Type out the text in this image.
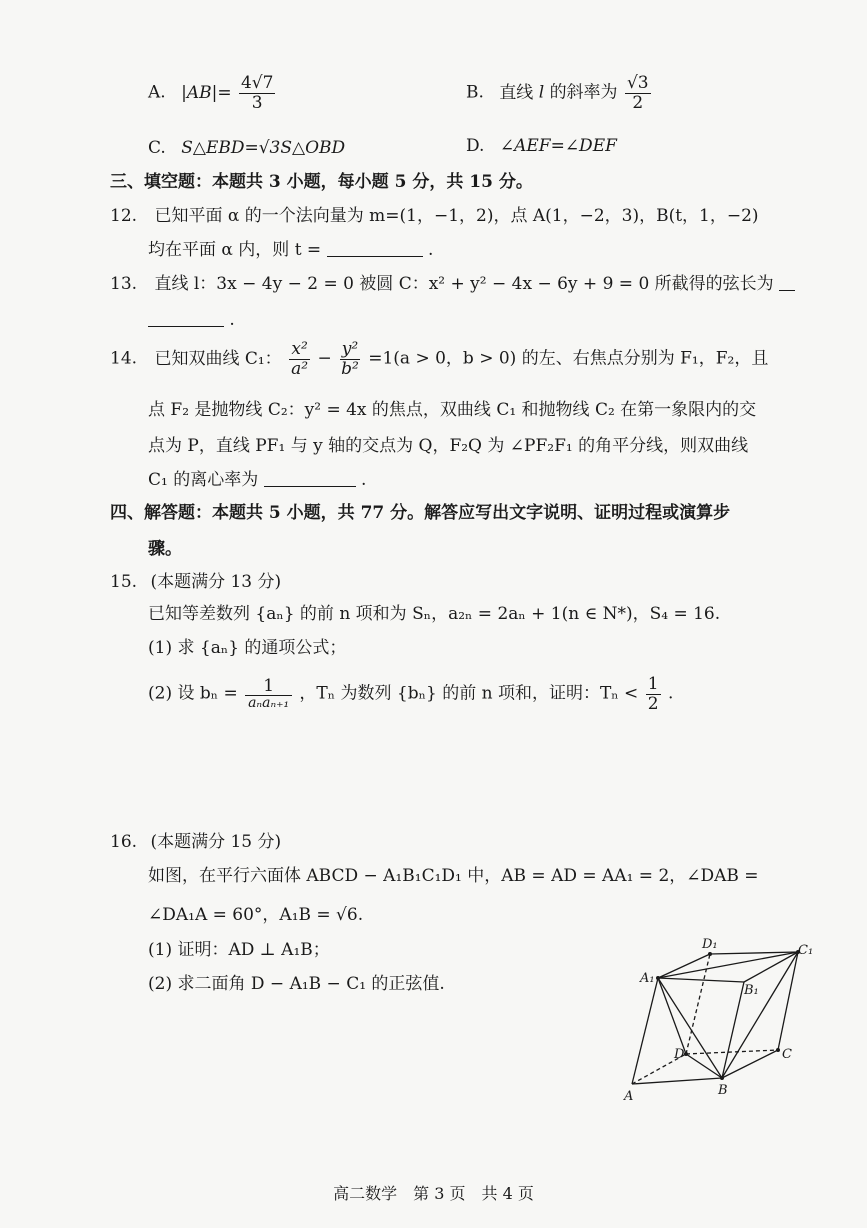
A. $|AB|= \frac{4√7}{3}$	B. 直线 l 的斜率为 $\frac{√3}{2}$
C. S△EBD=√3S△OBD	D. ∠AEF=∠DEF
三、填空题：本题共 3 小题，每小题 5 分，共 15 分。
12. 已知平面 α 的一个法向量为 m=(1，−1，2)，点 A(1，−2，3)，B(t，1，−2)
均在平面 α 内，则 t =	.
13. 直线 l：3x − 4y − 2 = 0 被圆 C：x² + y² − 4x − 6y + 9 = 0 所截得的弦长为
.
14. 已知双曲线 C₁： $\frac{\text{x²}}{\text{a²}} - \frac{\text{y²}}{\text{b²}} =1(a > 0$，b > 0) 的左、右焦点分别为 F₁，F₂，且
点 F₂ 是抛物线 C₂：y² = 4x 的焦点，双曲线 C₁ 和抛物线 C₂ 在第一象限内的交
点为 P，直线 PF₁ 与 y 轴的交点为 Q，F₂Q 为 ∠PF₂F₁ 的角平分线，则双曲线
C₁ 的离心率为	.
四、解答题：本题共 5 小题，共 77 分。解答应写出文字说明、证明过程或演算步
骤。
15. (本题满分 13 分)
已知等差数列 {aₙ} 的前 n 项和为 Sₙ，a₂ₙ = 2aₙ + 1(n ∈ N*)，S₄ = 16.
(1) 求 {aₙ} 的通项公式；
(2) 设 $b_n = \frac{1}{\text{aₙaₙ₊₁}}$ ，Tₙ 为数列 {bₙ} 的前 n 项和，证明：$T_n < \frac{1}{2}$ .
16. (本题满分 15 分)
如图，在平行六面体 ABCD − A₁B₁C₁D₁ 中，AB = AD = AA₁ = 2，∠DAB =
∠DA₁A = 60°，A₁B = √6.
(1) 证明：AD ⊥ A₁B；
(2) 求二面角 D − A₁B − C₁ 的正弦值.
A	B
C
D
A₁
B₁
C₁
D₁
高二数学　第 3 页　共 4 页
